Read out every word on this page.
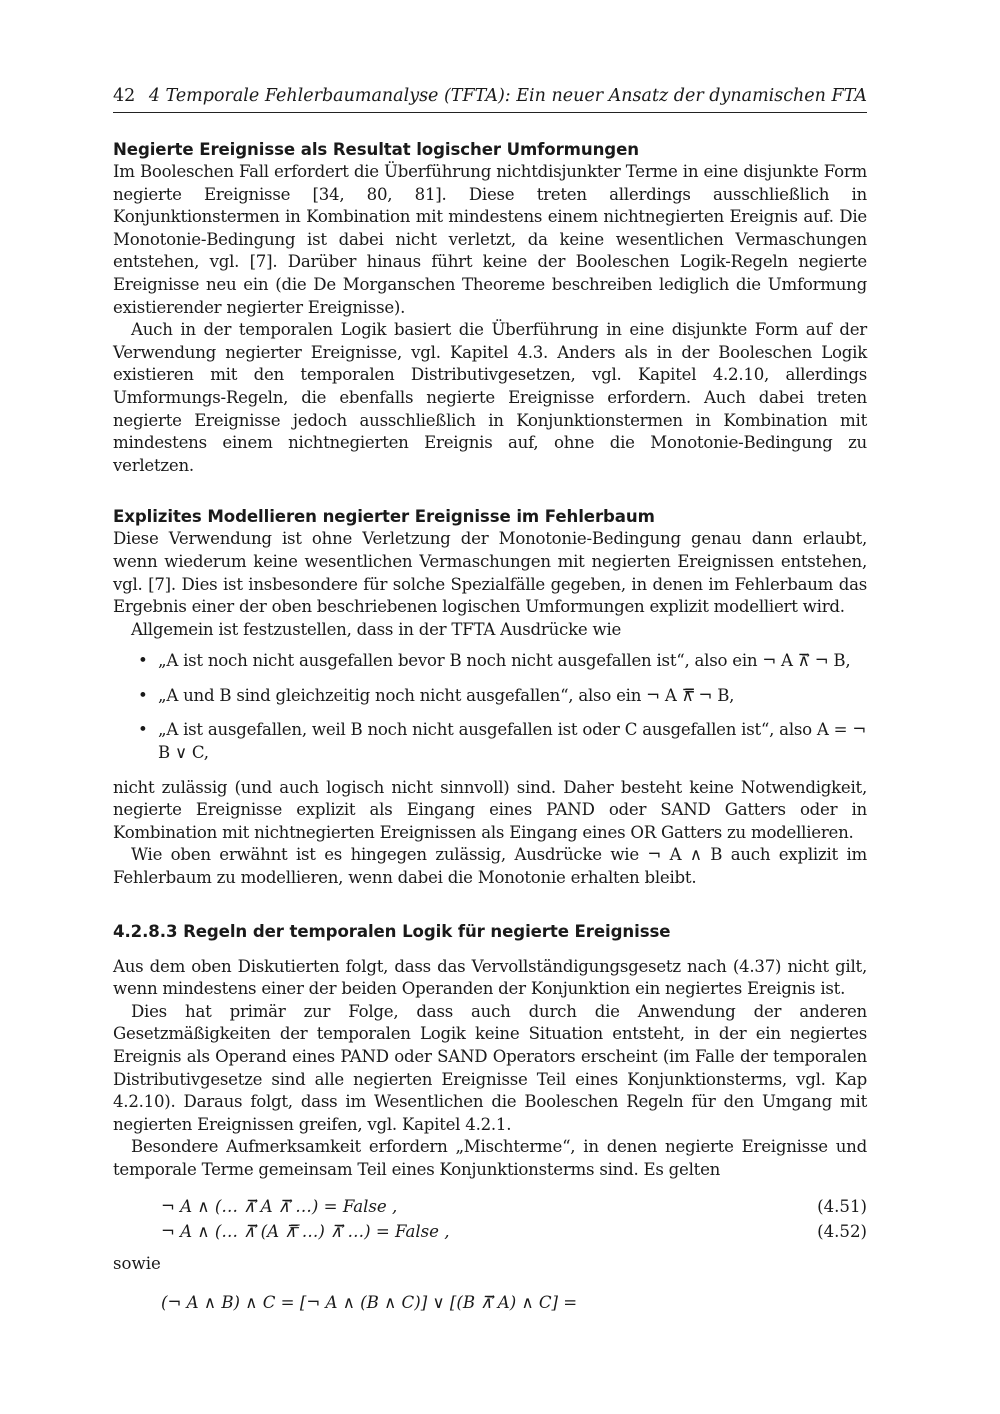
42 4 Temporale Fehlerbaumanalyse (TFTA): Ein neuer Ansatz der dynamischen FTA
Negierte Ereignisse als Resultat logischer Umformungen

Im Booleschen Fall erfordert die Überführung nichtdisjunkter Terme in eine disjunkte Form negierte Ereignisse [34, 80, 81]. Diese treten allerdings ausschließlich in Konjunktionstermen in Kombination mit mindestens einem nichtnegierten Ereignis auf. Die Monotonie-Bedingung ist dabei nicht verletzt, da keine wesentlichen Vermaschungen entstehen, vgl. [7]. Darüber hinaus führt keine der Booleschen Logik-Regeln negierte Ereignisse neu ein (die De Morganschen Theoreme beschreiben lediglich die Umformung existierender negierter Ereignisse).

Auch in der temporalen Logik basiert die Überführung in eine disjunkte Form auf der Verwendung negierter Ereignisse, vgl. Kapitel 4.3. Anders als in der Booleschen Logik existieren mit den temporalen Distributivgesetzen, vgl. Kapitel 4.2.10, allerdings Umformungs-Regeln, die ebenfalls negierte Ereignisse erfordern. Auch dabei treten negierte Ereignisse jedoch ausschließlich in Konjunktionstermen in Kombination mit mindestens einem nichtnegierten Ereignis auf, ohne die Monotonie-Bedingung zu verletzen.

Explizites Modellieren negierter Ereignisse im Fehlerbaum

Diese Verwendung ist ohne Verletzung der Monotonie-Bedingung genau dann erlaubt, wenn wiederum keine wesentlichen Vermaschungen mit negierten Ereignissen entstehen, vgl. [7]. Dies ist insbesondere für solche Spezialfälle gegeben, in denen im Fehlerbaum das Ergebnis einer der oben beschriebenen logischen Umformungen explizit modelliert wird.

Allgemein ist festzustellen, dass in der TFTA Ausdrücke wie

• „A ist noch nicht ausgefallen bevor B noch nicht ausgefallen ist“, also ein ¬ A ⊼⃗ ¬ B,
• „A und B sind gleichzeitig noch nicht ausgefallen“, also ein ¬ A ⊼̿ ¬ B,
• „A ist ausgefallen, weil B noch nicht ausgefallen ist oder C ausgefallen ist“, also A = ¬ B ∨ C,

nicht zulässig (und auch logisch nicht sinnvoll) sind. Daher besteht keine Notwendigkeit, negierte Ereignisse explizit als Eingang eines PAND oder SAND Gatters oder in Kombination mit nichtnegierten Ereignissen als Eingang eines OR Gatters zu modellieren.

Wie oben erwähnt ist es hingegen zulässig, Ausdrücke wie ¬ A ∧ B auch explizit im Fehlerbaum zu modellieren, wenn dabei die Monotonie erhalten bleibt.

4.2.8.3 Regeln der temporalen Logik für negierte Ereignisse

Aus dem oben Diskutierten folgt, dass das Vervollständigungsgesetz nach (4.37) nicht gilt, wenn mindestens einer der beiden Operanden der Konjunktion ein negiertes Ereignis ist.

Dies hat primär zur Folge, dass auch durch die Anwendung der anderen Gesetzmäßigkeiten der temporalen Logik keine Situation entsteht, in der ein negiertes Ereignis als Operand eines PAND oder SAND Operators erscheint (im Falle der temporalen Distributivgesetze sind alle negierten Ereignisse Teil eines Konjunktionsterms, vgl. Kap 4.2.10). Daraus folgt, dass im Wesentlichen die Booleschen Regeln für den Umgang mit negierten Ereignissen greifen, vgl. Kapitel 4.2.1.

Besondere Aufmerksamkeit erfordern „Mischterme“, in denen negierte Ereignisse und temporale Terme gemeinsam Teil eines Konjunktionsterms sind. Es gelten

¬ A ∧ (… ⊼⃗ A ⊼⃗ …) = False ,	(4.51)
¬ A ∧ (… ⊼⃗ (A ⊼̿ …) ⊼⃗ …) = False ,	(4.52)
sowie
(¬ A ∧ B) ∧ C = [¬ A ∧ (B ∧ C)] ∨ [(B ⊼⃗ A) ∧ C] =
